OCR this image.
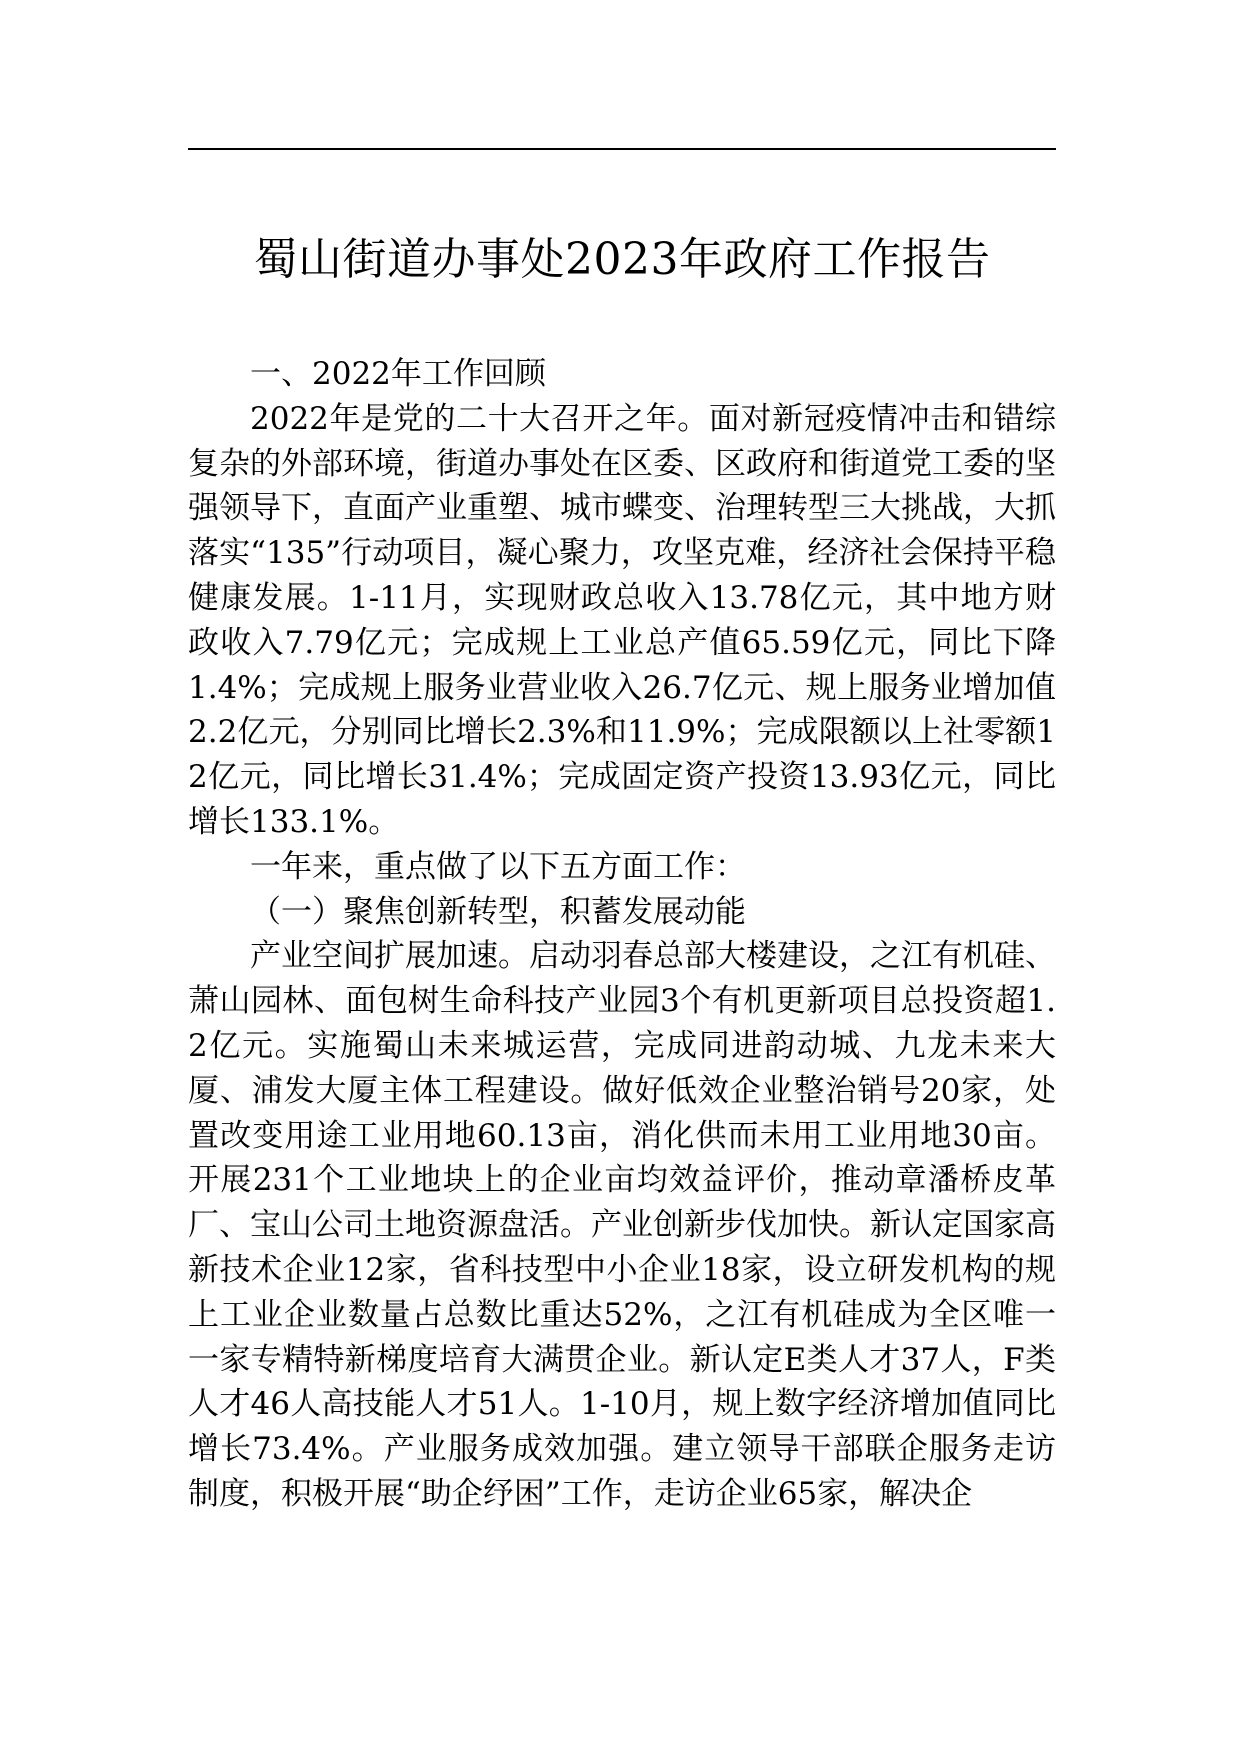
蜀山街道办事处2023年政府工作报告

一、2022年工作回顾

2022年是党的二十大召开之年。面对新冠疫情冲击和错综复杂的外部环境，街道办事处在区委、区政府和街道党工委的坚强领导下，直面产业重塑、城市蝶变、治理转型三大挑战，大抓落实“135”行动项目，凝心聚力，攻坚克难，经济社会保持平稳健康发展。1-11月，实现财政总收入13.78亿元，其中地方财政收入7.79亿元；完成规上工业总产值65.59亿元，同比下降1.4%；完成规上服务业营业收入26.7亿元、规上服务业增加值2.2亿元，分别同比增长2.3%和11.9%；完成限额以上社零额12亿元，同比增长31.4%；完成固定资产投资13.93亿元，同比增长133.1%。

一年来，重点做了以下五方面工作：

（一）聚焦创新转型，积蓄发展动能

产业空间扩展加速。启动羽春总部大楼建设，之江有机硅、萧山园林、面包树生命科技产业园3个有机更新项目总投资超1.2亿元。实施蜀山未来城运营，完成同进韵动城、九龙未来大厦、浦发大厦主体工程建设。做好低效企业整治销号20家，处置改变用途工业用地60.13亩，消化供而未用工业用地30亩。开展231个工业地块上的企业亩均效益评价，推动章潘桥皮革厂、宝山公司土地资源盘活。产业创新步伐加快。新认定国家高新技术企业12家，省科技型中小企业18家，设立研发机构的规上工业企业数量占总数比重达52%，之江有机硅成为全区唯一一家专精特新梯度培育大满贯企业。新认定E类人才37人，F类人才46人高技能人才51人。1-10月，规上数字经济增加值同比增长73.4%。产业服务成效加强。建立领导干部联企服务走访制度，积极开展“助企纾困”工作，走访企业65家，解决企
